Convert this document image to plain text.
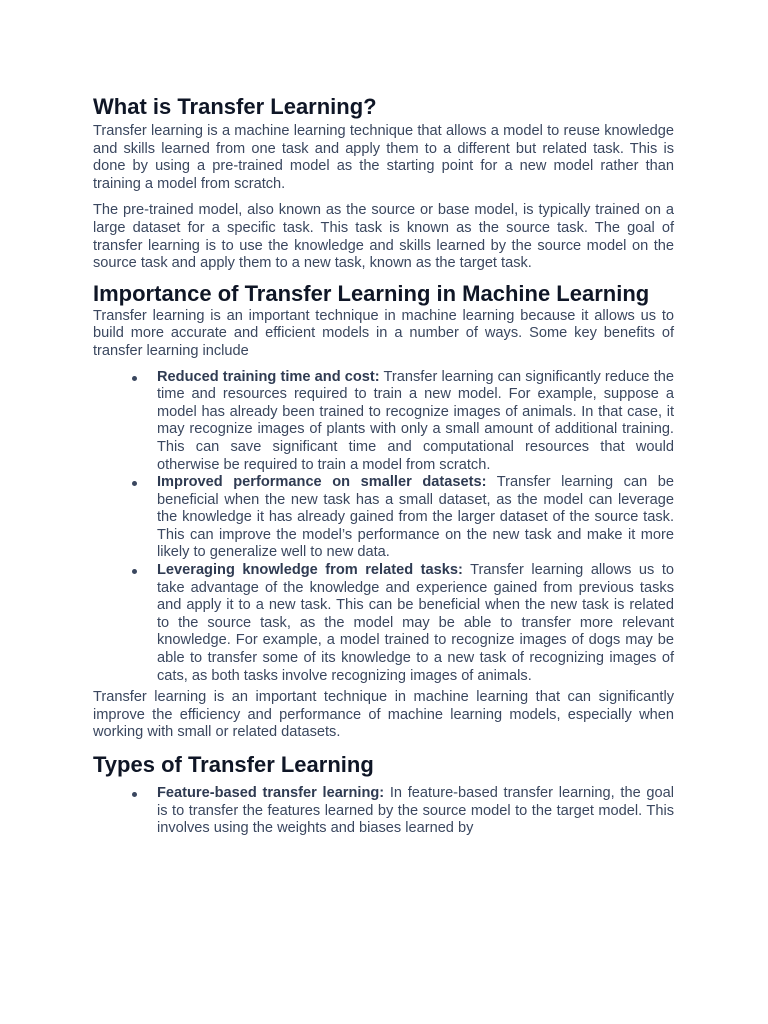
What is Transfer Learning?

Transfer learning is a machine learning technique that allows a model to reuse knowledge and skills learned from one task and apply them to a different but related task. This is done by using a pre-trained model as the starting point for a new model rather than training a model from scratch.

The pre-trained model, also known as the source or base model, is typically trained on a large dataset for a specific task. This task is known as the source task. The goal of transfer learning is to use the knowledge and skills learned by the source model on the source task and apply them to a new task, known as the target task.

Importance of Transfer Learning in Machine Learning

Transfer learning is an important technique in machine learning because it allows us to build more accurate and efficient models in a number of ways. Some key benefits of transfer learning include

Reduced training time and cost: Transfer learning can significantly reduce the time and resources required to train a new model. For example, suppose a model has already been trained to recognize images of animals. In that case, it may recognize images of plants with only a small amount of additional training. This can save significant time and computational resources that would otherwise be required to train a model from scratch.
Improved performance on smaller datasets: Transfer learning can be beneficial when the new task has a small dataset, as the model can leverage the knowledge it has already gained from the larger dataset of the source task. This can improve the model’s performance on the new task and make it more likely to generalize well to new data.
Leveraging knowledge from related tasks: Transfer learning allows us to take advantage of the knowledge and experience gained from previous tasks and apply it to a new task. This can be beneficial when the new task is related to the source task, as the model may be able to transfer more relevant knowledge. For example, a model trained to recognize images of dogs may be able to transfer some of its knowledge to a new task of recognizing images of cats, as both tasks involve recognizing images of animals.

Transfer learning is an important technique in machine learning that can significantly improve the efficiency and performance of machine learning models, especially when working with small or related datasets.

Types of Transfer Learning
Feature-based transfer learning: In feature-based transfer learning, the goal is to transfer the features learned by the source model to the target model. This involves using the weights and biases learned by
